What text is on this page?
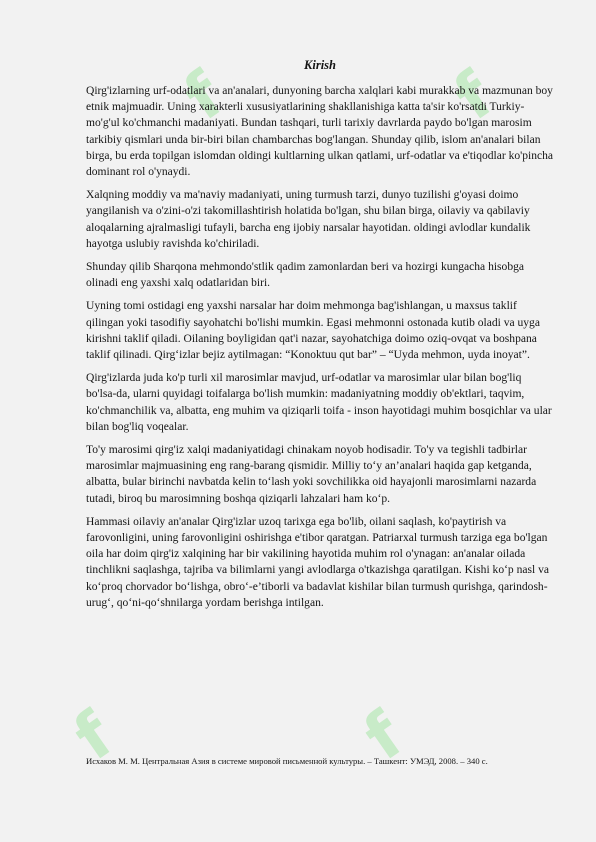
f	f
f	f
Kirish

Qirg'izlarning urf-odatlari va an'analari, dunyoning barcha xalqlari kabi murakkab va mazmunan boy etnik majmuadir. Uning xarakterli xususiyatlarining shakllanishiga katta ta'sir ko'rsatdi Turkiy-mo'g'ul ko'chmanchi madaniyati. Bundan tashqari, turli tarixiy davrlarda paydo bo'lgan marosim tarkibiy qismlari unda bir-biri bilan chambarchas bog'langan. Shunday qilib, islom an'analari bilan birga, bu erda topilgan islomdan oldingi kultlarning ulkan qatlami, urf-odatlar va e'tiqodlar ko'pincha dominant rol o'ynaydi.

Xalqning moddiy va ma'naviy madaniyati, uning turmush tarzi, dunyo tuzilishi g'oyasi doimo yangilanish va o'zini-o'zi takomillashtirish holatida bo'lgan, shu bilan birga, oilaviy va qabilaviy aloqalarning ajralmasligi tufayli, barcha eng ijobiy narsalar hayotidan. oldingi avlodlar kundalik hayotga uslubiy ravishda ko'chiriladi.

Shunday qilib Sharqona mehmondo'stlik qadim zamonlardan beri va hozirgi kungacha hisobga olinadi eng yaxshi xalq odatlaridan biri.

Uyning tomi ostidagi eng yaxshi narsalar har doim mehmonga bag'ishlangan, u maxsus taklif qilingan yoki tasodifiy sayohatchi bo'lishi mumkin. Egasi mehmonni ostonada kutib oladi va uyga kirishni taklif qiladi. Oilaning boyligidan qat'i nazar, sayohatchiga doimo oziq-ovqat va boshpana taklif qilinadi. Qirg‘izlar bejiz aytilmagan: “Konoktuu qut bar” – “Uyda mehmon, uyda inoyat”.

Qirg'izlarda juda ko'p turli xil marosimlar mavjud, urf-odatlar va marosimlar ular bilan bog'liq bo'lsa-da, ularni quyidagi toifalarga bo'lish mumkin: madaniyatning moddiy ob'ektlari, taqvim, ko'chmanchilik va, albatta, eng muhim va qiziqarli toifa - inson hayotidagi muhim bosqichlar va ular bilan bog'liq voqealar.

To'y marosimi qirg'iz xalqi madaniyatidagi chinakam noyob hodisadir. To'y va tegishli tadbirlar marosimlar majmuasining eng rang-barang qismidir. Milliy to‘y an’analari haqida gap ketganda, albatta, bular birinchi navbatda kelin to‘lash yoki sovchilikka oid hayajonli marosimlarni nazarda tutadi, biroq bu marosimning boshqa qiziqarli lahzalari ham ko‘p.

Hammasi oilaviy an'analar Qirg'izlar uzoq tarixga ega bo'lib, oilani saqlash, ko'paytirish va farovonligini, uning farovonligini oshirishga e'tibor qaratgan. Patriarxal turmush tarziga ega bo'lgan oila har doim qirg'iz xalqining har bir vakilining hayotida muhim rol o'ynagan: an'analar oilada tinchlikni saqlashga, tajriba va bilimlarni yangi avlodlarga o'tkazishga qaratilgan. Kishi ko‘p nasl va ko‘proq chorvador bo‘lishga, obro‘-e’tiborli va badavlat kishilar bilan turmush qurishga, qarindosh-urug‘, qo‘ni-qo‘shnilarga yordam berishga intilgan.

Исхаков М. М. Центральная Азия в системе мировой письменной культуры. – Ташкент: УМЭД, 2008. – 340 с.
